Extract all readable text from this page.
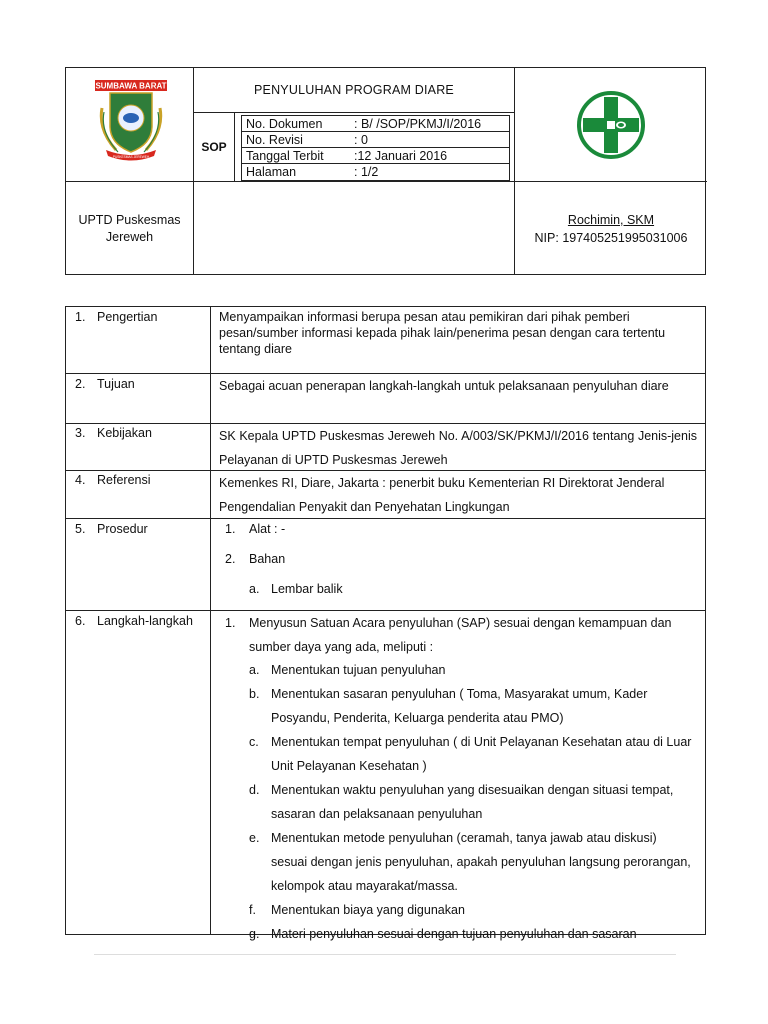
SUMBAWA BARAT
PUSKESMAS JEREWEH
PENYULUHAN PROGRAM DIARE
SOP
No. Dokumen	: B/ /SOP/PKMJ/I/2016
No. Revisi	: 0
Tanggal Terbit	:12 Januari 2016
Halaman	: 1/2
UPTD Puskesmas
Jereweh
Rochimin, SKM
NIP: 197405251995031006
1. Pengertian	Menyampaikan informasi berupa pesan atau pemikiran dari pihak pemberi pesan/sumber informasi kepada pihak lain/penerima pesan dengan cara tertentu tentang diare
2. Tujuan	Sebagai acuan penerapan langkah-langkah untuk pelaksanaan penyuluhan diare
3. Kebijakan	SK Kepala UPTD Puskesmas Jereweh No. A/003/SK/PKMJ/I/2016 tentang Jenis-jenis Pelayanan di UPTD Puskesmas Jereweh
4. Referensi	Kemenkes RI, Diare, Jakarta : penerbit buku Kementerian RI Direktorat Jenderal Pengendalian Penyakit dan Penyehatan Lingkungan
5. Prosedur	1.	Alat : -
2.	Bahan
a. Lembar balik
6. Langkah-langkah	1.	Menyusun Satuan Acara penyuluhan (SAP) sesuai dengan kemampuan dan sumber daya yang ada, meliputi :
a. Menentukan tujuan penyuluhan
b. Menentukan sasaran penyuluhan ( Toma, Masyarakat umum, Kader Posyandu, Penderita, Keluarga penderita atau PMO)
c. Menentukan tempat penyuluhan ( di Unit Pelayanan Kesehatan atau di Luar Unit Pelayanan Kesehatan )
d. Menentukan waktu penyuluhan yang disesuaikan dengan situasi tempat, sasaran dan pelaksanaan penyuluhan
e. Menentukan metode penyuluhan (ceramah, tanya jawab atau diskusi) sesuai dengan jenis penyuluhan, apakah penyuluhan langsung perorangan, kelompok atau mayarakat/massa.
f.	Menentukan biaya yang digunakan
g. Materi penyuluhan sesuai dengan tujuan penyuluhan dan sasaran
